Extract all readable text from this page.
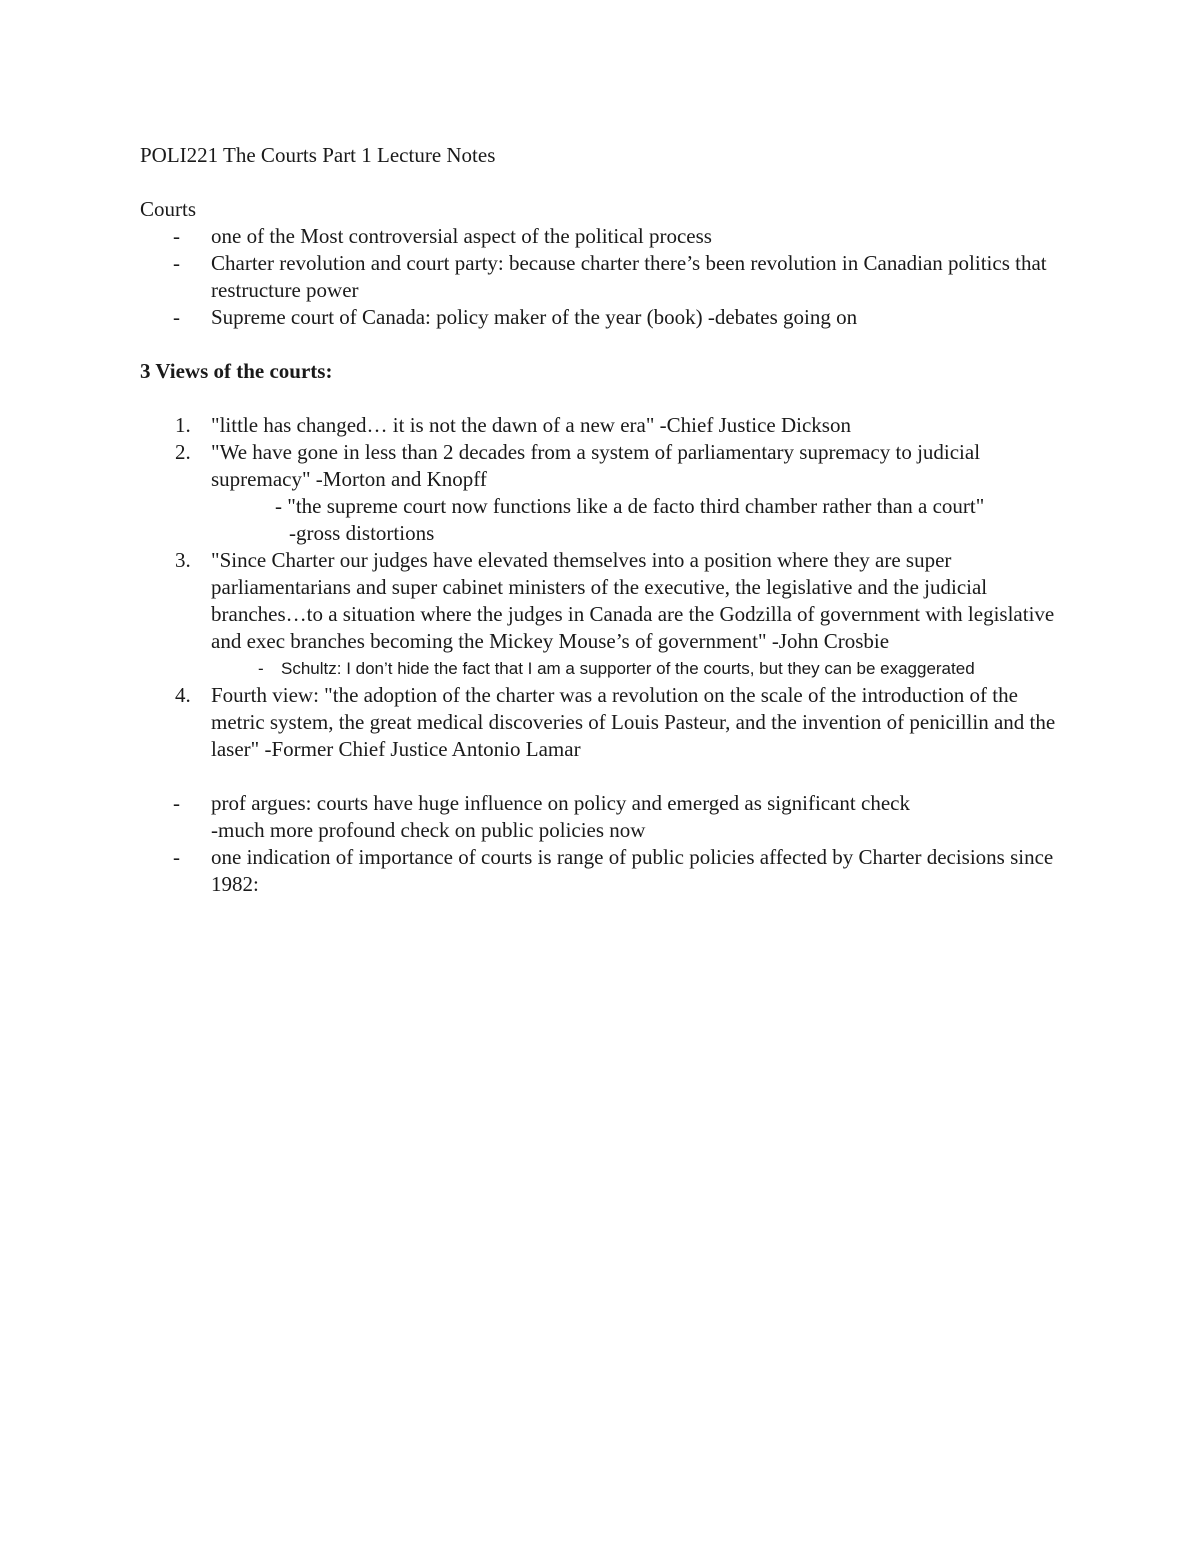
POLI221 The Courts Part 1 Lecture Notes

Courts

- one of the Most controversial aspect of the political process
- Charter revolution and court party: because charter there’s been revolution in Canadian politics that restructure power
- Supreme court of Canada: policy maker of the year (book) -debates going on

3 Views of the courts:

1. "little has changed… it is not the dawn of a new era" -Chief Justice Dickson
2. "We have gone in less than 2 decades from a system of parliamentary supremacy to judicial supremacy" -Morton and Knopff
- "the supreme court now functions like a de facto third chamber rather than a court"
-gross distortions
3. "Since Charter our judges have elevated themselves into a position where they are super parliamentarians and super cabinet ministers of the executive, the legislative and the judicial branches…to a situation where the judges in Canada are the Godzilla of government with legislative and exec branches becoming the Mickey Mouse’s of government" -John Crosbie
- Schultz: I don’t hide the fact that I am a supporter of the courts, but they can be exaggerated
4. Fourth view: "the adoption of the charter was a revolution on the scale of the introduction of the metric system, the great medical discoveries of Louis Pasteur, and the invention of penicillin and the laser" -Former Chief Justice Antonio Lamar
- prof argues: courts have huge influence on policy and emerged as significant check
-much more profound check on public policies now
- one indication of importance of courts is range of public policies affected by Charter decisions since 1982:
